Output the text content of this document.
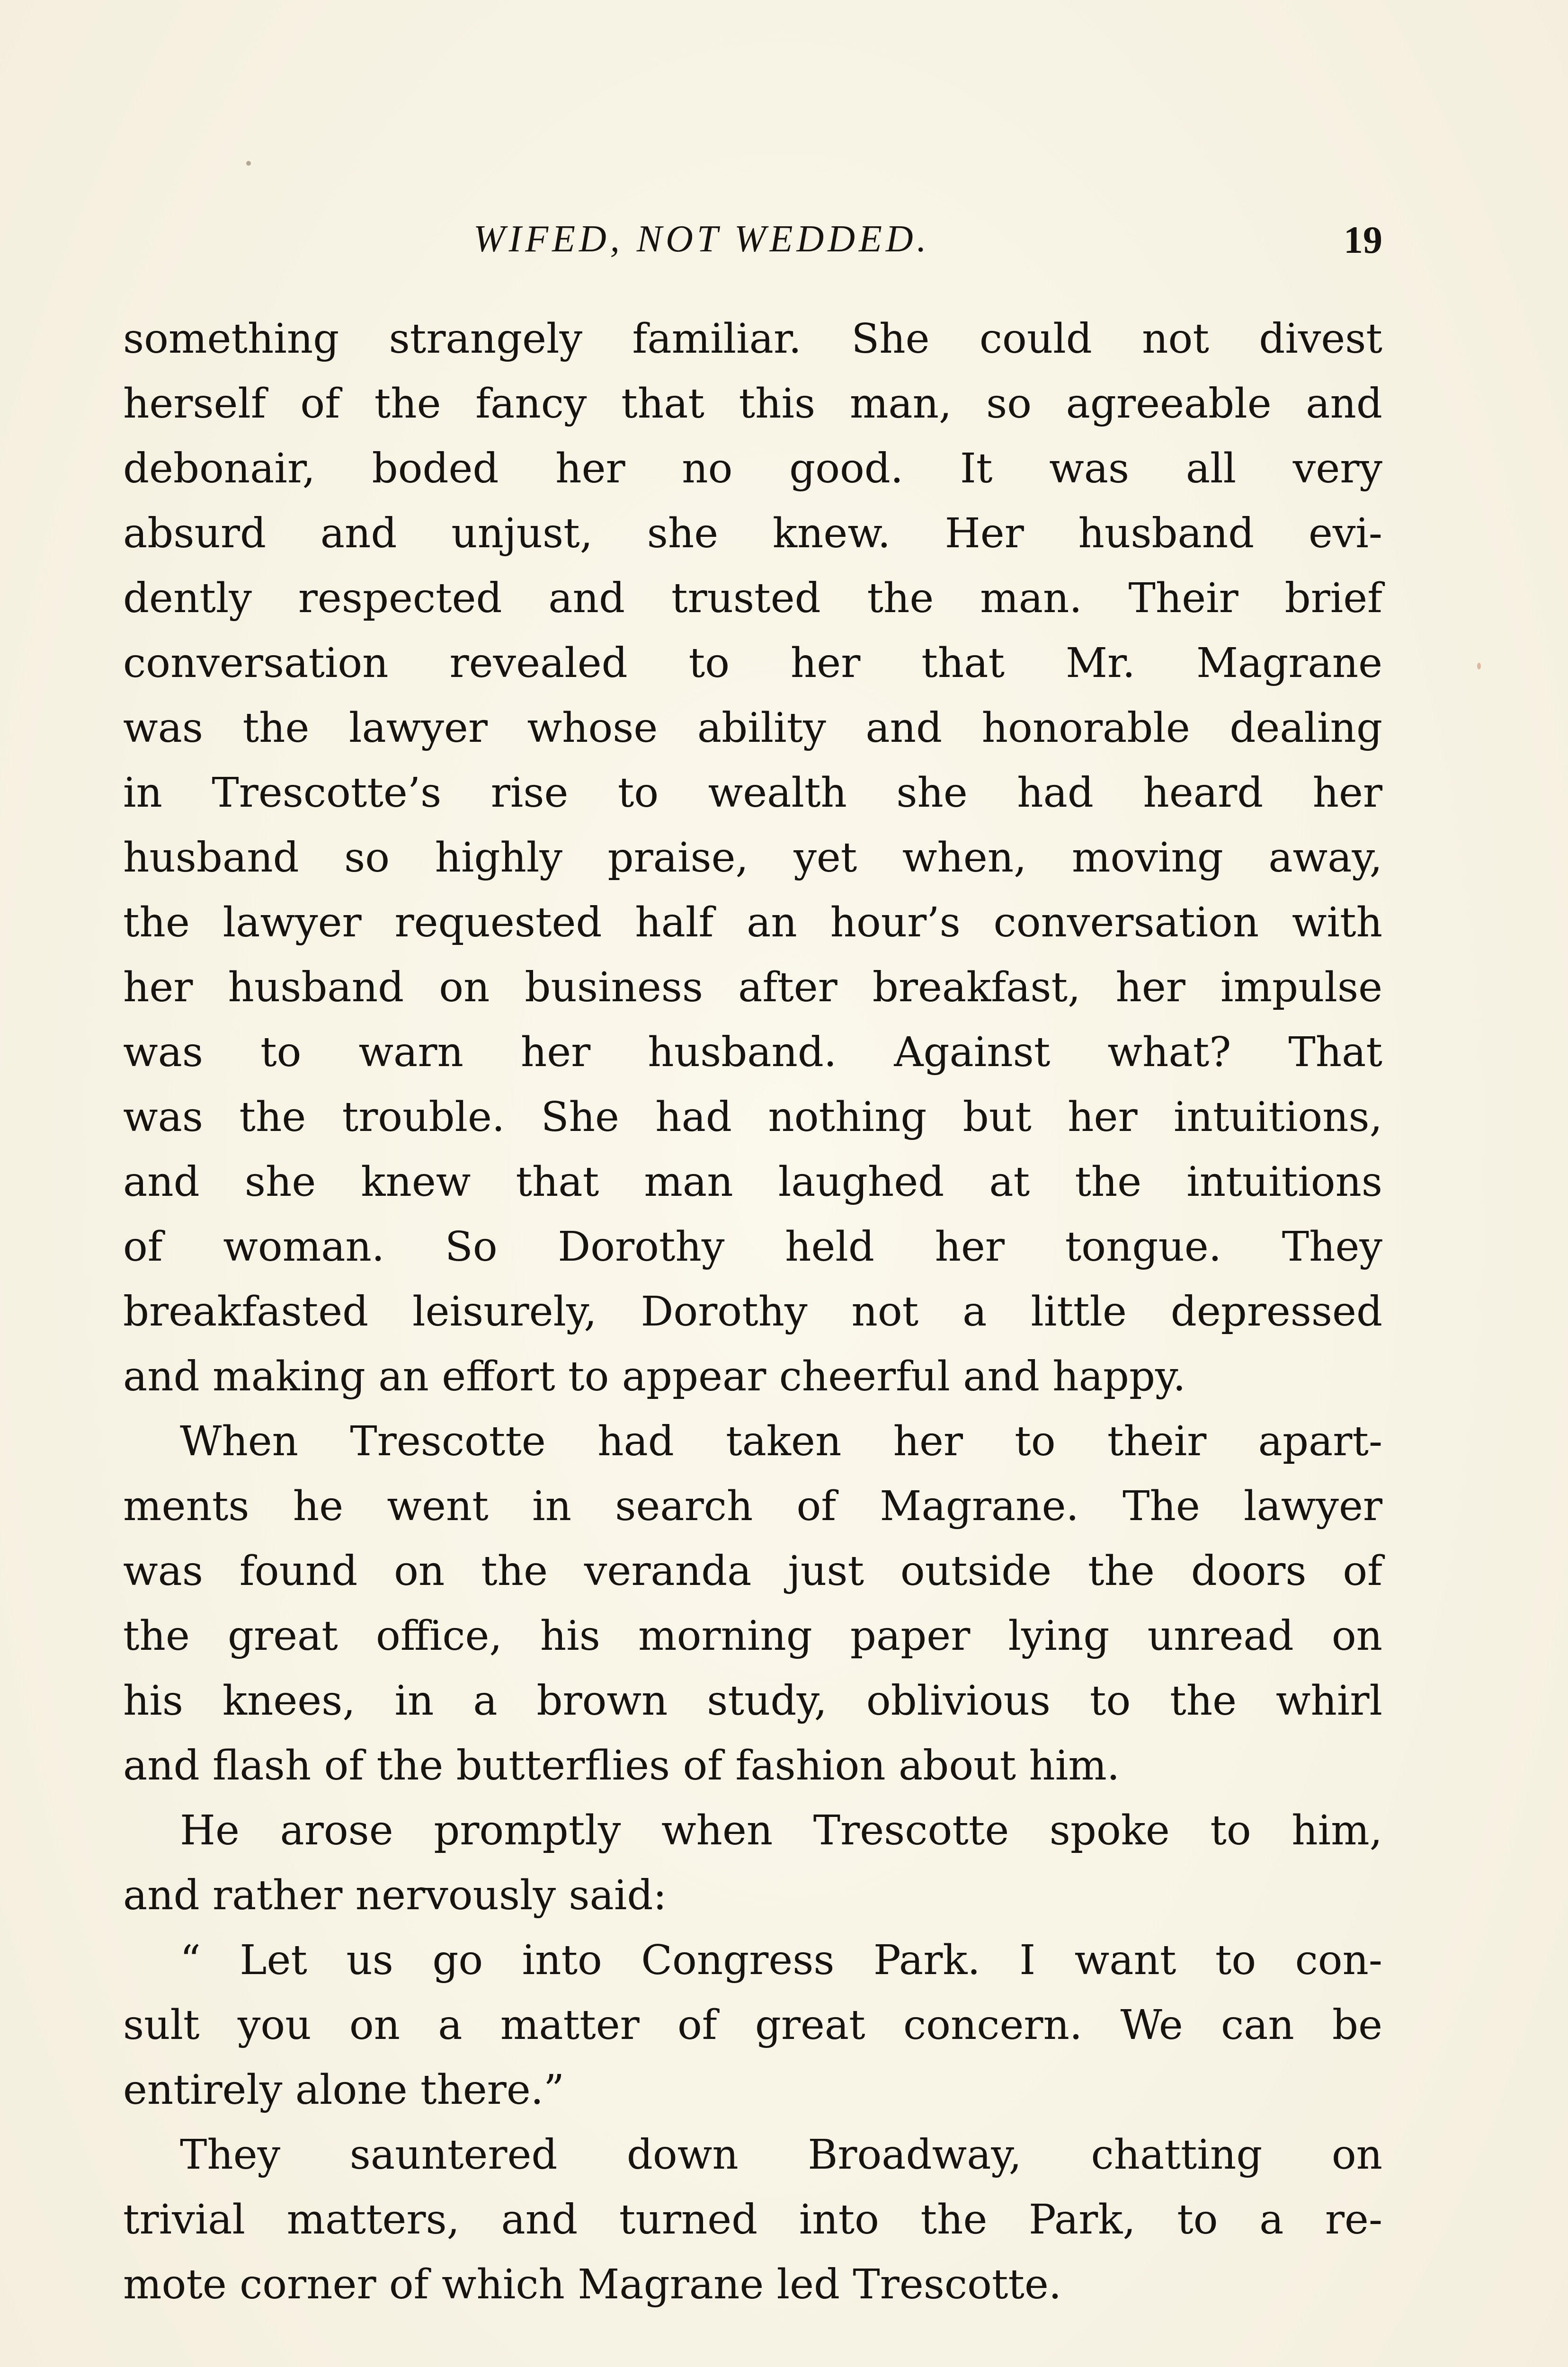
WIFED, NOT WEDDED.	19
something strangely familiar. She could not divest
herself of the fancy that this man, so agreeable and
debonair, boded her no good. It was all very
absurd and unjust, she knew. Her husband evi-
dently respected and trusted the man. Their brief
conversation revealed to her that Mr. Magrane
was the lawyer whose ability and honorable dealing
in Trescotte’s rise to wealth she had heard her
husband so highly praise, yet when, moving away,
the lawyer requested half an hour’s conversation with
her husband on business after breakfast, her impulse
was to warn her husband. Against what? That
was the trouble. She had nothing but her intuitions,
and she knew that man laughed at the intuitions
of woman. So Dorothy held her tongue. They
breakfasted leisurely, Dorothy not a little depressed
and making an effort to appear cheerful and happy.
When Trescotte had taken her to their apart-
ments he went in search of Magrane. The lawyer
was found on the veranda just outside the doors of
the great office, his morning paper lying unread on
his knees, in a brown study, oblivious to the whirl
and flash of the butterflies of fashion about him.
He arose promptly when Trescotte spoke to him,
and rather nervously said:
“ Let us go into Congress Park. I want to con-
sult you on a matter of great concern. We can be
entirely alone there.”
They sauntered down Broadway, chatting on
trivial matters, and turned into the Park, to a re-
mote corner of which Magrane led Trescotte.
